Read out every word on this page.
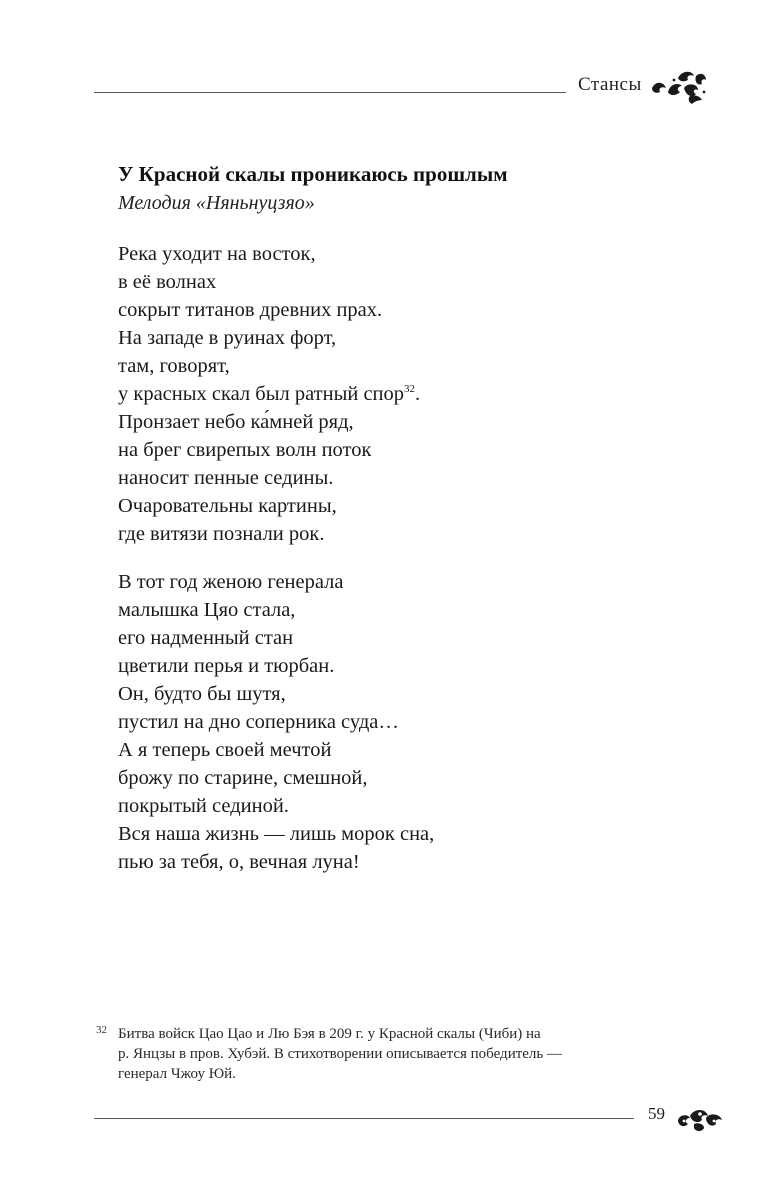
Стансы
У Красной скалы проникаюсь прошлым
Мелодия «Няньнуцзяо»
Река уходит на восток,
в её волнах
сокрыт титанов древних прах.
На западе в руинах форт,
там, говорят,
у красных скал был ратный спор$^{32}$.
Пронзает небо ка́мней ряд,
на брег свирепых волн поток
наносит пенные седины.
Очаровательны картины,
где витязи познали рок.
В тот год женою генерала
малышка Цяо стала,
его надменный стан
цветили перья и тюрбан.
Он, будто бы шутя,
пустил на дно соперника суда…
А я теперь своей мечтой
брожу по старине, смешной,
покрытый сединой.
Вся наша жизнь — лишь морок сна,
пью за тебя, о, вечная луна!
32 Битва войск Цао Цао и Лю Бэя в 209 г. у Красной скалы (Чиби) на
р. Янцзы в пров. Хубэй. В стихотворении описывается победитель —
генерал Чжоу Юй.
59
